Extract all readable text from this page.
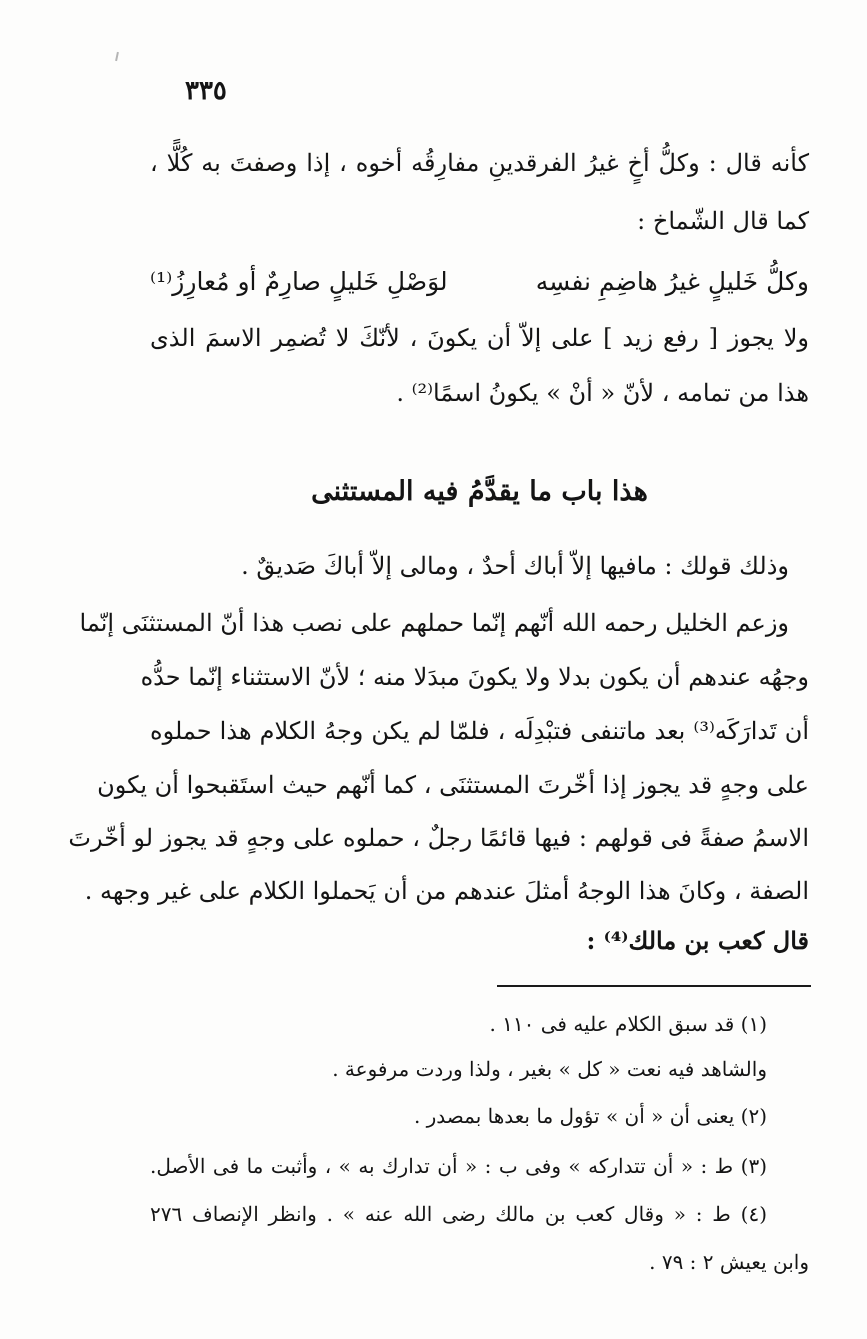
٣٣٥
كأنه قال : وكلُّ أخٍ غيرُ الفرقدينِ مفارِقُه أخوه ، إذا وصفتَ به كُلًّا ،
كما قال الشّماخ :
وكلُّ خَليلٍ غيرُ هاضِمِ نفسِه
لوَصْلِ خَليلٍ صارِمٌ أو مُعارِزُ⁽¹⁾
ولا يجوز [ رفع زيد ] على إلاّ أن يكونَ ، لأنّكَ لا تُضمِر الاسمَ الذى
هذا من تمامه ، لأنّ « أنْ » يكونُ اسمًا⁽²⁾ .
هذا باب ما يقدَّمُ فيه المستثنى
وذلك قولك : مافيها إلاّ أباك أحدٌ ، ومالى إلاّ أباكَ صَديقٌ .
وزعم الخليل رحمه الله أنّهم إنّما حملهم على نصب هذا أنّ المستثنَى إنّما
وجهُه عندهم أن يكون بدلا ولا يكونَ مبدَلا منه ؛ لأنّ الاستثناء إنّما حدُّه
أن تَدارَكَه⁽³⁾ بعد ماتنفى فتبْدِلَه ، فلمّا لم يكن وجهُ الكلام هذا حملوه
على وجهٍ قد يجوز إذا أخّرتَ المستثنَى ، كما أنّهم حيث استَقبحوا أن يكون
الاسمُ صفةً فى قولهم : فيها قائمًا رجلٌ ، حملوه على وجهٍ قد يجوز لو أخّرتَ
الصفة ، وكانَ هذا الوجهُ أمثلَ عندهم من أن يَحملوا الكلام على غير وجهه .
قال كعب بن مالك⁽⁴⁾ :
(١) قد سبق الكلام عليه فى ١١٠ .
والشاهد فيه نعت « كل » بغير ، ولذا وردت مرفوعة .
(٢) يعنى أن « أن » تؤول ما بعدها بمصدر .
(٣) ط : « أن تتداركه » وفى ب : « أن تدارك به » ، وأثبت ما فى الأصل.
(٤) ط : « وقال كعب بن مالك رضى الله عنه » . وانظر الإنصاف ٢٧٦
وابن يعيش ٢ : ٧٩ .
